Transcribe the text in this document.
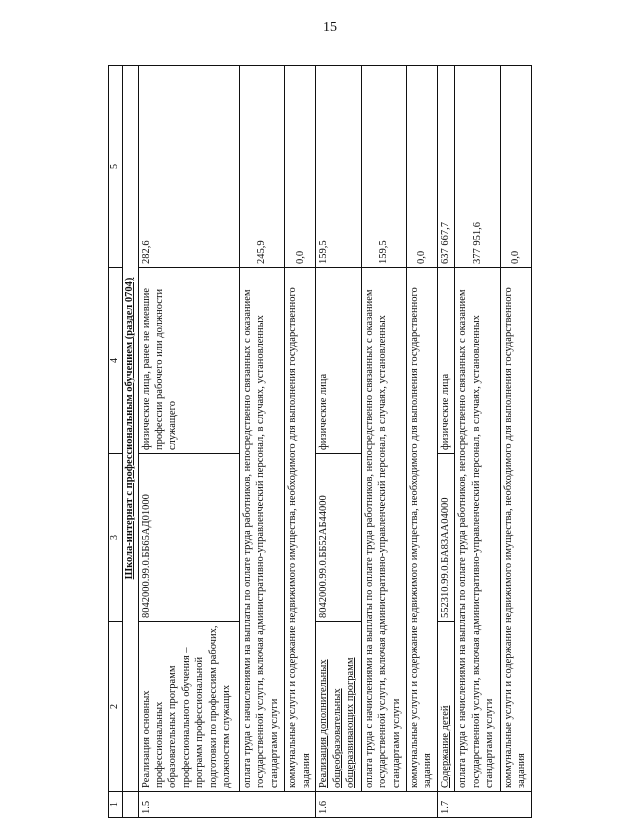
15
1	2	3	4	5
	Школа-интернат с профессиональным обучением (раздел 0704)			
1.5	Реализация основных профессиональных образовательных программ профессионального обучения – программ профессиональной подготовки по профессиям рабочих, должностям служащих	8042000.99.0.ББ65АД01000	физические лица, ранее не имевшие профессии рабочего или должности служащего	282,6
	оплата труда с начислениями на выплаты по оплате труда работников, непосредственно связанных с оказанием государственной услуги, включая административно-управленческий персонал, в случаях, установленных стандартами услуги			245,9
	коммунальные услуги и содержание недвижимого имущества, необходимого для выполнения государственного задания			0,0
1.6	Реализация дополнительных общеобразовательных общеразвивающих программ	8042000.99.0.ББ52АБ44000	физические лица	159,5
	оплата труда с начислениями на выплаты по оплате труда работников, непосредственно связанных с оказанием государственной услуги, включая административно-управленческий персонал, в случаях, установленных стандартами услуги			159,5
	коммунальные услуги и содержание недвижимого имущества, необходимого для выполнения государственного задания			0,0
1.7	Содержание детей	552310.99.0.БА83АА04000	физические лица	637 667,7
	оплата труда с начислениями на выплаты по оплате труда работников, непосредственно связанных с оказанием государственной услуги, включая административно-управленческий персонал, в случаях, установленных стандартами услуги			377 951,6
	коммунальные услуги и содержание недвижимого имущества, необходимого для выполнения государственного задания			0,0
